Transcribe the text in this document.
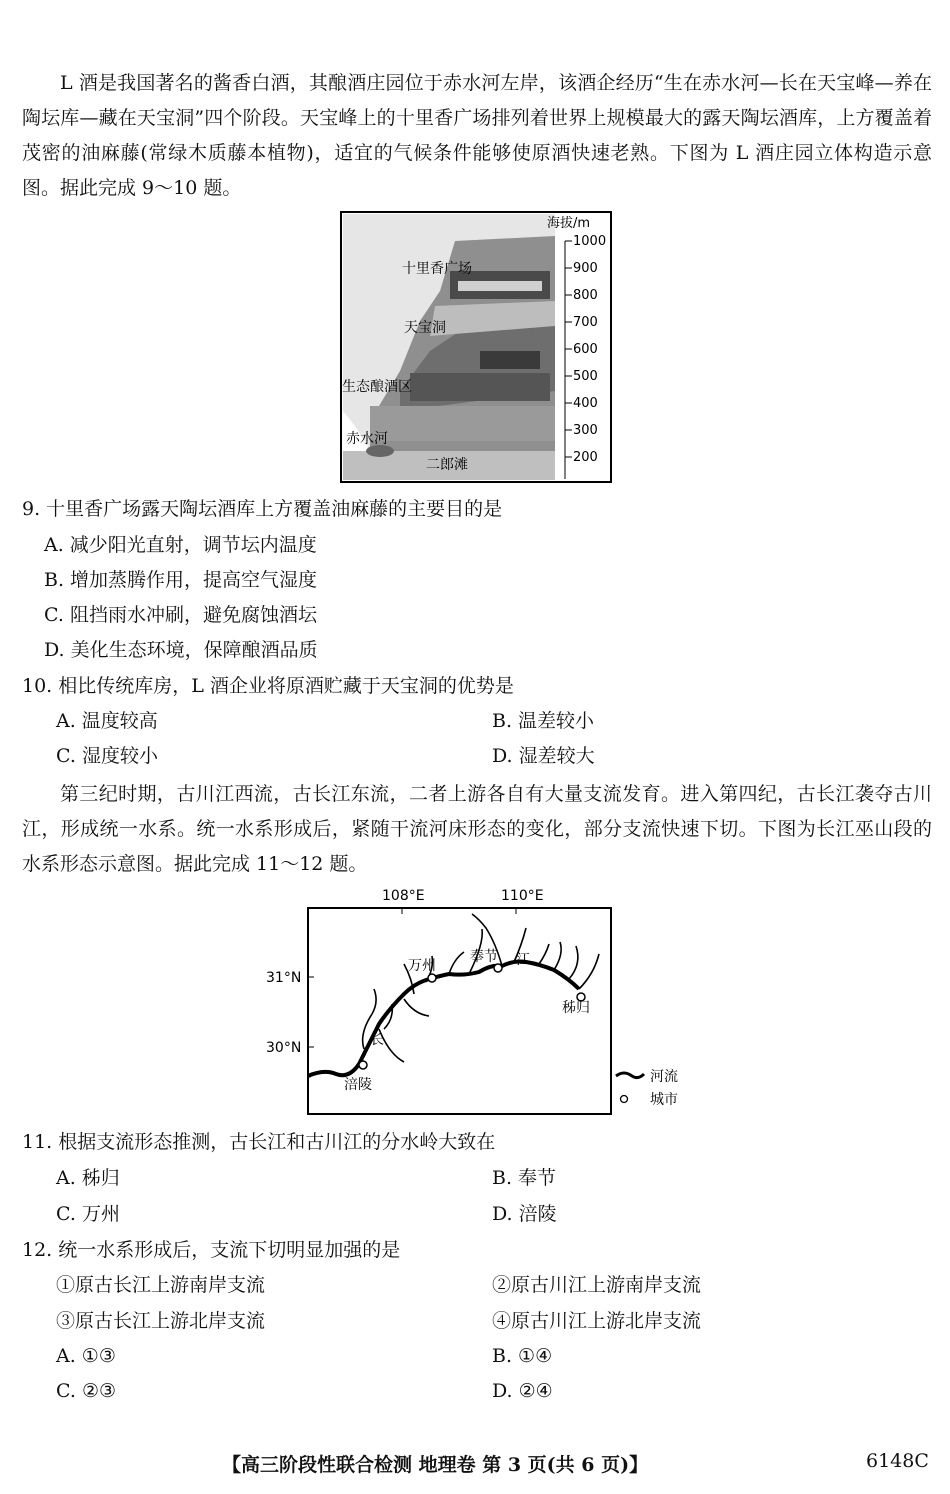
L 酒是我国著名的酱香白酒，其酿酒庄园位于赤水河左岸，该酒企经历“生在赤水河—长在天宝峰—养在陶坛库—藏在天宝洞”四个阶段。天宝峰上的十里香广场排列着世界上规模最大的露天陶坛酒库，上方覆盖着茂密的油麻藤(常绿木质藤本植物)，适宜的气候条件能够使原酒快速老熟。下图为 L 酒庄园立体构造示意图。据此完成 9～10 题。

海拔/m
1000
900
800
700
600
500
400
300
200
十里香广场
天宝洞
生态酿酒区
赤水河
二郎滩
9. 十里香广场露天陶坛酒库上方覆盖油麻藤的主要目的是
A. 减少阳光直射，调节坛内温度
B. 增加蒸腾作用，提高空气湿度
C. 阻挡雨水冲刷，避免腐蚀酒坛
D. 美化生态环境，保障酿酒品质
10. 相比传统库房，L 酒企业将原酒贮藏于天宝洞的优势是
A. 温度较高	B. 温差较小
C. 湿度较小	D. 湿差较大

第三纪时期，古川江西流，古长江东流，二者上游各自有大量支流发育。进入第四纪，古长江袭夺古川江，形成统一水系。统一水系形成后，紧随干流河床形态的变化，部分支流快速下切。下图为长江巫山段的水系形态示意图。据此完成 11～12 题。

108°E	110°E
31°N
30°N
万州
奉节
秭归
涪陵
江
长
河流
城市
11. 根据支流形态推测，古长江和古川江的分水岭大致在
A. 秭归	B. 奉节
C. 万州	D. 涪陵
12. 统一水系形成后，支流下切明显加强的是
①原古长江上游南岸支流	②原古川江上游南岸支流
③原古长江上游北岸支流	④原古川江上游北岸支流
A. ①③	B. ①④
C. ②③	D. ②④
【高三阶段性联合检测 地理卷 第 3 页(共 6 页)】	6148C
